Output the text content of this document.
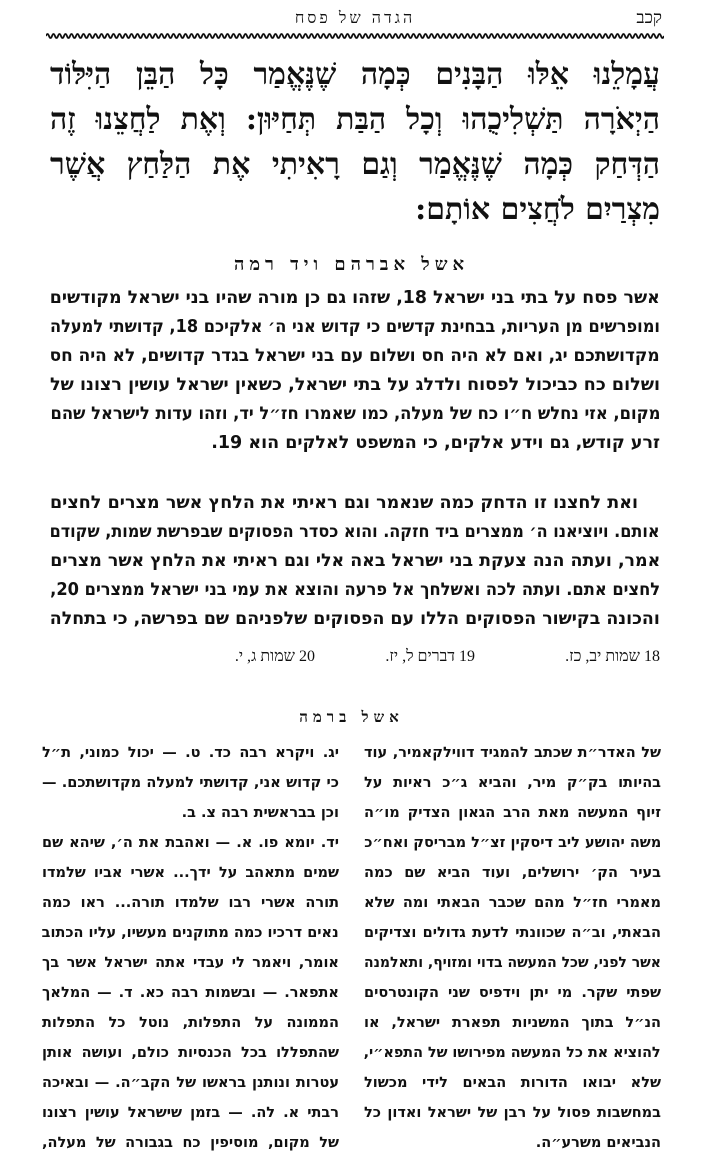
קכב
הגדה של פסח
עֲמָלֵנוּ אֵלּוּ הַבָּנִים כְּמָה שֶׁנֶּאֱמַר כָּל הַבֵּן הַיִּלּוֹד
הַיְאֹרָה תַּשְׁלִיכֻהוּ וְכָל הַבַּת תְּחַיּוּן: וְאֶת לַחֲצֵנוּ זֶה
הַדְּחַק כְּמָה שֶׁנֶּאֱמַר וְגַם רָאִיתִי אֶת הַלַּחַץ אֲשֶׁר
מִצְרַיִם לֹחֲצִים אוֹתָם:
אשל אברהם ויד רמה
אשר פסח על בתי בני ישראל 18, שזהו גם כן מורה שהיו בני ישראל מקודשים
ומופרשים מן העריות, בבחינת קדשים כי קדוש אני ה׳ אלקיכם 18, קדושתי למעלה
מקדושתכם יג, ואם לא היה חס ושלום עם בני ישראל בגדר קדושים, לא היה חס
ושלום כח כביכול לפסוח ולדלג על בתי ישראל, כשאין ישראל עושין רצונו של
מקום, אזי נחלש ח״ו כח של מעלה, כמו שאמרו חז״ל יד, וזהו עדות לישראל שהם
זרע קודש, גם וידע אלקים, כי המשפט לאלקים הוא 19.
ואת לחצנו זו הדחק כמה שנאמר וגם ראיתי את הלחץ אשר מצרים לחצים
אותם. ויוציאנו ה׳ ממצרים ביד חזקה. והוא כסדר הפסוקים שבפרשת שמות, שקודם
אמר, ועתה הנה צעקת בני ישראל באה אלי וגם ראיתי את הלחץ אשר מצרים
לחצים אתם. ועתה לכה ואשלחך אל פרעה והוצא את עמי בני ישראל ממצרים 20,
והכונה בקישור הפסוקים הללו עם הפסוקים שלפניהם שם בפרשה, כי בתחלה
18 שמות יב, כז.
19 דברים ל, יז.
20 שמות ג, י.
אשל ברמה
של האדר״ת שכתב להמגיד דווילקאמיר, עוד
בהיותו בק״ק מיר, והביא ג״כ ראיות על
זיוף המעשה מאת הרב הגאון הצדיק מו״ה
משה יהושע ליב דיסקין זצ״ל מבריסק ואח״כ
בעיר הק׳ ירושלים, ועוד הביא שם כמה
מאמרי חז״ל מהם שכבר הבאתי ומה שלא
הבאתי, וב״ה שכוונתי לדעת גדולים וצדיקים
אשר לפני, שכל המעשה בדוי ומזויף, ותאלמנה
שפתי שקר. מי יתן וידפיס שני הקונטרסים
הנ״ל בתוך המשניות תפארת ישראל, או
להוציא את כל המעשה מפירושו של התפא״י,
שלא יבואו הדורות הבאים לידי מכשול
במחשבות פסול על רבן של ישראל ואדון כל
הנביאים משרע״ה.
יג. ויקרא רבה כד. ט. — יכול כמוני, ת״ל
כי קדוש אני, קדושתי למעלה מקדושתכם. —
וכן בבראשית רבה צ. ב.
יד. יומא פו. א. — ואהבת את ה׳, שיהא שם
שמים מתאהב על ידך... אשרי אביו שלמדו
תורה אשרי רבו שלמדו תורה... ראו כמה
נאים דרכיו כמה מתוקנים מעשיו, עליו הכתוב
אומר, ויאמר לי עבדי אתה ישראל אשר בך
אתפאר. — ובשמות רבה כא. ד. — המלאך
הממונה על התפלות, נוטל כל התפלות
שהתפללו בכל הכנסיות כולם, ועושה אותן
עטרות ונותנן בראשו של הקב״ה. — ובאיכה
רבתי א. לה. — בזמן שישראל עושין רצונו
של מקום, מוסיפין כח בגבורה של מעלה,
